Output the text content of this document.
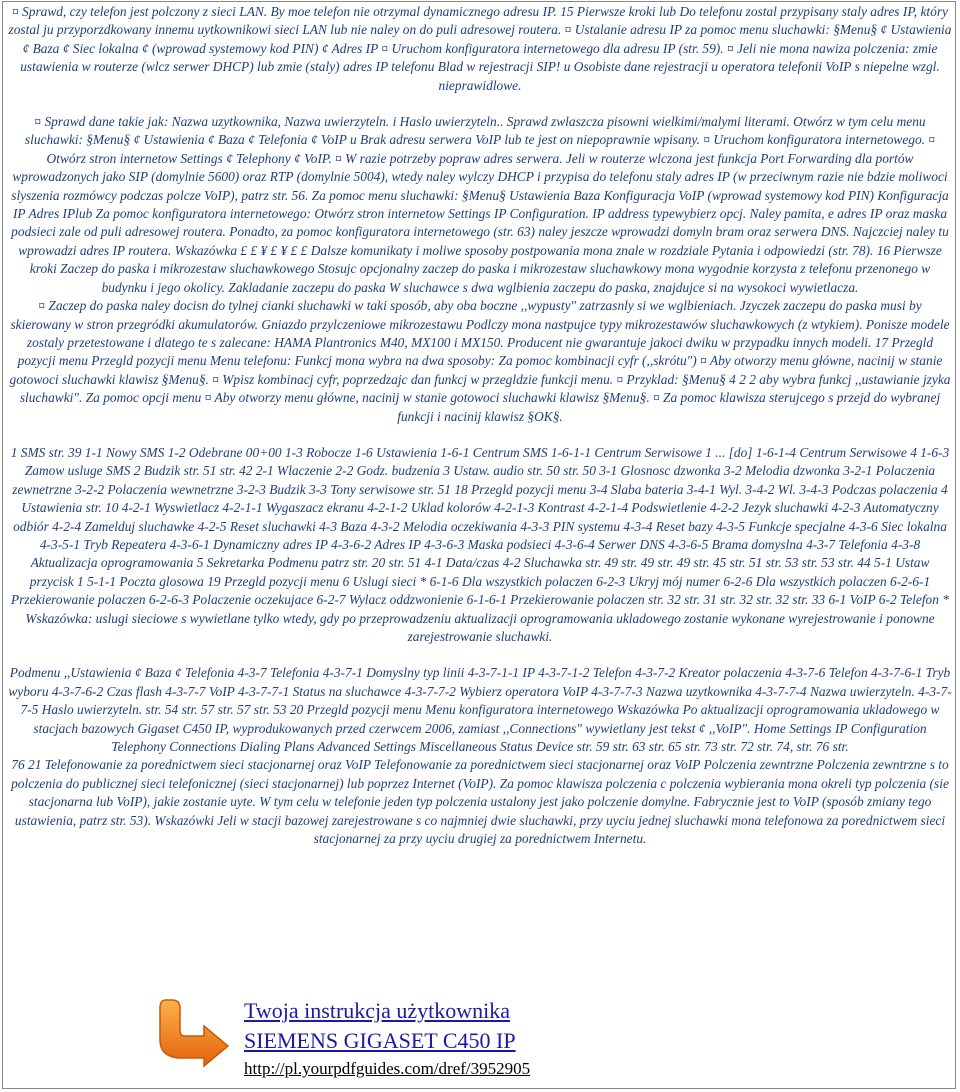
¤ Sprawd, czy telefon jest polczony z sieci LAN. By moe telefon nie otrzymal dynamicznego adresu IP. 15 Pierwsze kroki lub Do telefonu zostal przypisany staly adres IP, który zostal ju przyporzdkowany innemu uytkownikowi sieci LAN lub nie naley on do puli adresowej routera. ¤ Ustalanie adresu IP za pomoc menu sluchawki: §Menu§ ¢ Ustawienia ¢ Baza ¢ Siec lokalna ¢ (wprowad systemowy kod PIN) ¢ Adres IP ¤ Uruchom konfiguratora internetowego dla adresu IP (str. 59). ¤ Jeli nie mona nawiza polczenia: zmie ustawienia w routerze (wlcz serwer DHCP) lub zmie (staly) adres IP telefonu Blad w rejestracji SIP! u Osobiste dane rejestracji u operatora telefonii VoIP s niepelne wzgl. nieprawidlowe.

¤ Sprawd dane takie jak: Nazwa uzytkownika, Nazwa uwierzyteln. i Haslo uwierzyteln.. Sprawd zwlaszcza pisowni wielkimi/malymi literami. Otwórz w tym celu menu sluchawki: §Menu§ ¢ Ustawienia ¢ Baza ¢ Telefonia ¢ VoIP u Brak adresu serwera VoIP lub te jest on niepoprawnie wpisany. ¤ Uruchom konfiguratora internetowego. ¤ Otwórz stron internetow Settings ¢ Telephony ¢ VoIP. ¤ W razie potrzeby popraw adres serwera. Jeli w routerze wlczona jest funkcja Port Forwarding dla portów wprowadzonych jako SIP (domylnie 5600) oraz RTP (domylnie 5004), wtedy naley wylczy DHCP i przypisa do telefonu staly adres IP (w przeciwnym razie nie bdzie moliwoci slyszenia rozmówcy podczas polcze VoIP), patrz str. 56. Za pomoc menu sluchawki: §Menu§ Ustawienia Baza Konfiguracja VoIP (wprowad systemowy kod PIN) Konfiguracja IP Adres IPlub Za pomoc konfiguratora internetowego: Otwórz stron internetow Settings IP Configuration. IP address typewybierz opcj. Naley pamita, e adres IP oraz maska podsieci zale od puli adresowej routera. Ponadto, za pomoc konfiguratora internetowego (str. 63) naley jeszcze wprowadzi domyln bram oraz serwera DNS. Najczciej naley tu wprowadzi adres IP routera. Wskazówka £ £ ¥ £ ¥ £ £ Dalsze komunikaty i moliwe sposoby postpowania mona znale w rozdziale Pytania i odpowiedzi (str. 78). 16 Pierwsze kroki Zaczep do paska i mikrozestaw sluchawkowego Stosujc opcjonalny zaczep do paska i mikrozestaw sluchawkowy mona wygodnie korzysta z telefonu przenonego w budynku i jego okolicy. Zakladanie zaczepu do paska W sluchawce s dwa wglbienia zaczepu do paska, znajdujce si na wysokoci wywietlacza.

¤ Zaczep do paska naley docisn do tylnej cianki sluchawki w taki sposób, aby oba boczne ,,wypusty" zatrzasnly si we wglbieniach. Jzyczek zaczepu do paska musi by skierowany w stron przegródki akumulatorów. Gniazdo przylczeniowe mikrozestawu Podlczy mona nastpujce typy mikrozestawów sluchawkowych (z wtykiem). Ponisze modele zostaly przetestowane i dlatego te s zalecane: HAMA Plantronics M40, MX100 i MX150. Producent nie gwarantuje jakoci dwiku w przypadku innych modeli. 17 Przegld pozycji menu Przegld pozycji menu Menu telefonu: Funkcj mona wybra na dwa sposoby: Za pomoc kombinacji cyfr (,,skrótu") ¤ Aby otworzy menu główne, nacinij w stanie gotowoci sluchawki klawisz §Menu§. ¤ Wpisz kombinacj cyfr, poprzedzajc dan funkcj w przegldzie funkcji menu. ¤ Przyklad: §Menu§ 4 2 2 aby wybra funkcj ,,ustawianie jzyka sluchawki". Za pomoc opcji menu ¤ Aby otworzy menu główne, nacinij w stanie gotowoci sluchawki klawisz §Menu§. ¤ Za pomoc klawisza sterujcego s przejd do wybranej funkcji i nacinij klawisz §OK§.

1 SMS str. 39 1-1 Nowy SMS 1-2 Odebrane 00+00 1-3 Robocze 1-6 Ustawienia 1-6-1 Centrum SMS 1-6-1-1 Centrum Serwisowe 1 ... [do] 1-6-1-4 Centrum Serwisowe 4 1-6-3 Zamow usluge SMS 2 Budzik str. 51 str. 42 2-1 Wlaczenie 2-2 Godz. budzenia 3 Ustaw. audio str. 50 str. 50 3-1 Glosnosc dzwonka 3-2 Melodia dzwonka 3-2-1 Polaczenia zewnetrzne 3-2-2 Polaczenia wewnetrzne 3-2-3 Budzik 3-3 Tony serwisowe str. 51 18 Przegld pozycji menu 3-4 Slaba bateria 3-4-1 Wyl. 3-4-2 Wl. 3-4-3 Podczas polaczenia 4 Ustawienia str. 10 4-2-1 Wyswietlacz 4-2-1-1 Wygaszacz ekranu 4-2-1-2 Uklad kolorów 4-2-1-3 Kontrast 4-2-1-4 Podswietlenie 4-2-2 Jezyk sluchawki 4-2-3 Automatyczny odbiór 4-2-4 Zamelduj sluchawke 4-2-5 Reset sluchawki 4-3 Baza 4-3-2 Melodia oczekiwania 4-3-3 PIN systemu 4-3-4 Reset bazy 4-3-5 Funkcje specjalne 4-3-6 Siec lokalna 4-3-5-1 Tryb Repeatera 4-3-6-1 Dynamiczny adres IP 4-3-6-2 Adres IP 4-3-6-3 Maska podsieci 4-3-6-4 Serwer DNS 4-3-6-5 Brama domyslna 4-3-7 Telefonia 4-3-8 Aktualizacja oprogramowania 5 Sekretarka Podmenu patrz str. 20 str. 51 4-1 Data/czas 4-2 Sluchawka str. 49 str. 49 str. 49 str. 45 str. 51 str. 53 str. 53 str. 44 5-1 Ustaw przycisk 1 5-1-1 Poczta glosowa 19 Przegld pozycji menu 6 Uslugi sieci * 6-1-6 Dla wszystkich polaczen 6-2-3 Ukryj mój numer 6-2-6 Dla wszystkich polaczen 6-2-6-1 Przekierowanie polaczen 6-2-6-3 Polaczenie oczekujace 6-2-7 Wylacz oddzwonienie 6-1-6-1 Przekierowanie polaczen str. 32 str. 31 str. 32 str. 32 str. 33 6-1 VoIP 6-2 Telefon * Wskazówka: uslugi sieciowe s wywietlane tylko wtedy, gdy po przeprowadzeniu aktualizacji oprogramowania ukladowego zostanie wykonane wyrejestrowanie i ponowne zarejestrowanie sluchawki.

Podmenu ,,Ustawienia ¢ Baza ¢ Telefonia 4-3-7 Telefonia 4-3-7-1 Domyslny typ linii 4-3-7-1-1 IP 4-3-7-1-2 Telefon 4-3-7-2 Kreator polaczenia 4-3-7-6 Telefon 4-3-7-6-1 Tryb wyboru 4-3-7-6-2 Czas flash 4-3-7-7 VoIP 4-3-7-7-1 Status na sluchawce 4-3-7-7-2 Wybierz operatora VoIP 4-3-7-7-3 Nazwa uzytkownika 4-3-7-7-4 Nazwa uwierzyteln. 4-3-7-7-5 Haslo uwierzyteln. str. 54 str. 57 str. 57 str. 53 20 Przegld pozycji menu Menu konfiguratora internetowego Wskazówka Po aktualizacji oprogramowania ukladowego w stacjach bazowych Gigaset C450 IP, wyprodukowanych przed czerwcem 2006, zamiast ,,Connections" wywietlany jest tekst ¢ ,,VoIP". Home Settings IP Configuration Telephony Connections Dialing Plans Advanced Settings Miscellaneous Status Device str. 59 str. 63 str. 65 str. 73 str. 72 str. 74, str. 76 str.

76 21 Telefonowanie za porednictwem sieci stacjonarnej oraz VoIP Telefonowanie za porednictwem sieci stacjonarnej oraz VoIP Polczenia zewntrzne Polczenia zewntrzne s to polczenia do publicznej sieci telefonicznej (sieci stacjonarnej) lub poprzez Internet (VoIP). Za pomoc klawisza polczenia c polczenia wybierania mona okreli typ polczenia (sie stacjonarna lub VoIP), jakie zostanie uyte. W tym celu w telefonie jeden typ polczenia ustalony jest jako polczenie domylne. Fabrycznie jest to VoIP (sposób zmiany tego ustawienia, patrz str. 53). Wskazówki Jeli w stacji bazowej zarejestrowane s co najmniej dwie sluchawki, przy uyciu jednej sluchawki mona telefonowa za porednictwem sieci stacjonarnej za przy uyciu drugiej za porednictwem Internetu.

Twoja instrukcja użytkownika
SIEMENS GIGASET C450 IP
http://pl.yourpdfguides.com/dref/3952905
